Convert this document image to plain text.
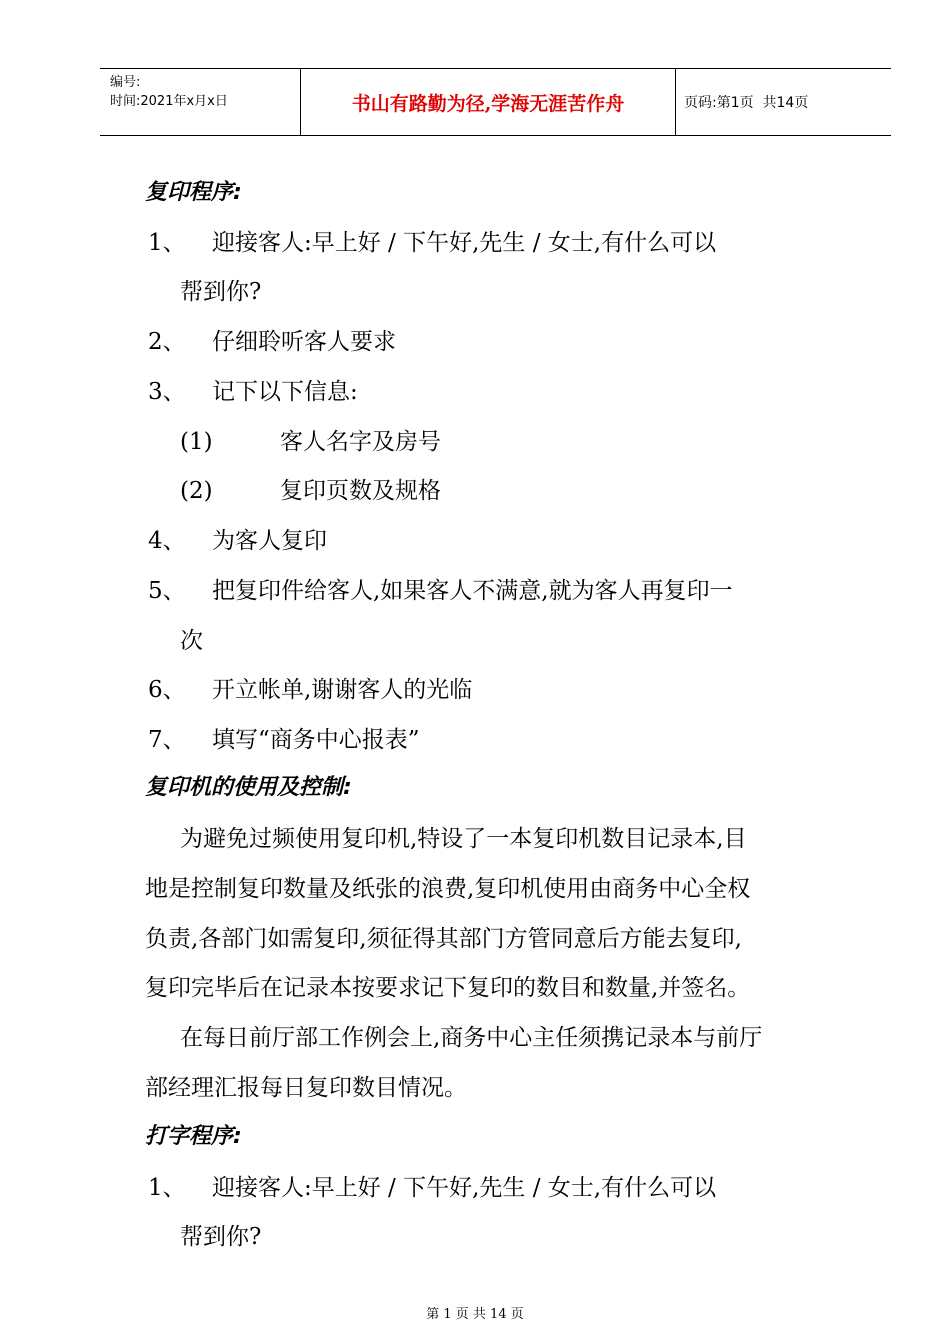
编号:
时间:2021年x月x日	书山有路勤为径,学海无涯苦作舟	页码:第1页  共14页
复印程序:
1、 迎接客人:早上好 / 下午好,先生 / 女士,有什么可以
帮到你?
2、 仔细聆听客人要求
3、 记下以下信息:
(1)	客人名字及房号
(2)	复印页数及规格
4、 为客人复印
5、 把复印件给客人,如果客人不满意,就为客人再复印一
次
6、 开立帐单,谢谢客人的光临
7、 填写“商务中心报表”
复印机的使用及控制:
为避免过频使用复印机,特设了一本复印机数目记录本,目
地是控制复印数量及纸张的浪费,复印机使用由商务中心全权
负责,各部门如需复印,须征得其部门方管同意后方能去复印,
复印完毕后在记录本按要求记下复印的数目和数量,并签名。
在每日前厅部工作例会上,商务中心主任须携记录本与前厅
部经理汇报每日复印数目情况。
打字程序:
1、 迎接客人:早上好 / 下午好,先生 / 女士,有什么可以
帮到你?
第 1 页 共 14 页
